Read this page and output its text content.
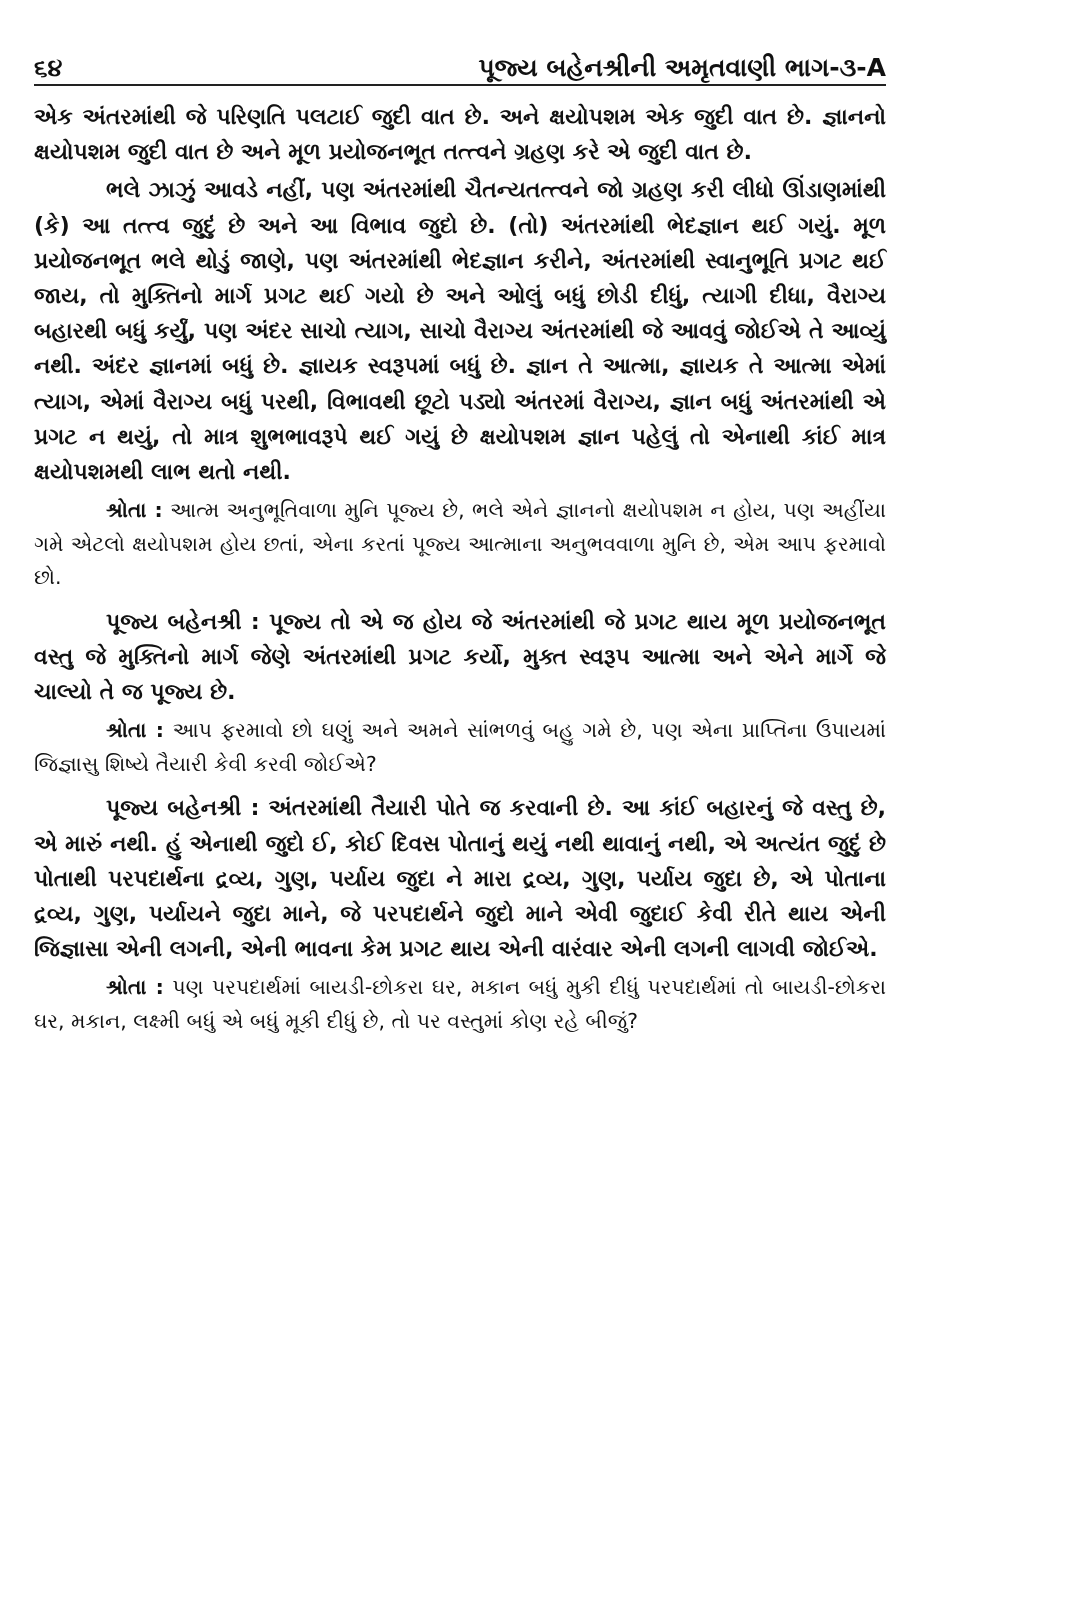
૬૪	પૂજ્ય બહેનશ્રીની અમૃતવાણી ભાગ-૩-A

એક અંતરમાંથી જે પરિણતિ પલટાઈ જુદી વાત છે. અને ક્ષયોપશમ એક જુદી વાત છે. જ્ઞાનનો ક્ષયોપશમ જુદી વાત છે અને મૂળ પ્રયોજનભૂત તત્ત્વને ગ્રહણ કરે એ જુદી વાત છે.

ભલે ઝાઝું આવડે નહીં, પણ અંતરમાંથી ચૈતન્યતત્ત્વને જો ગ્રહણ કરી લીધો ઊંડાણમાંથી (કે) આ તત્ત્વ જુદું છે અને આ વિભાવ જુદો છે. (તો) અંતરમાંથી ભેદજ્ઞાન થઈ ગયું. મૂળ પ્રયોજનભૂત ભલે થોડું જાણે, પણ અંતરમાંથી ભેદજ્ઞાન કરીને, અંતરમાંથી સ્વાનુભૂતિ પ્રગટ થઈ જાય, તો મુક્તિનો માર્ગ પ્રગટ થઈ ગયો છે અને ઓલું બધું છોડી દીધું, ત્યાગી દીધા, વૈરાગ્ય બહારથી બધું કર્યું, પણ અંદર સાચો ત્યાગ, સાચો વૈરાગ્ય અંતરમાંથી જે આવવું જોઈએ તે આવ્યું નથી. અંદર જ્ઞાનમાં બધું છે. જ્ઞાયક સ્વરૂપમાં બધું છે. જ્ઞાન તે આત્મા, જ્ઞાયક તે આત્મા એમાં ત્યાગ, એમાં વૈરાગ્ય બધું પરથી, વિભાવથી છૂટો પડ્યો અંતરમાં વૈરાગ્ય, જ્ઞાન બધું અંતરમાંથી એ પ્રગટ ન થયું, તો માત્ર શુભભાવરૂપે થઈ ગયું છે ક્ષયોપશમ જ્ઞાન પહેલું તો એનાથી કાંઈ માત્ર ક્ષયોપશમથી લાભ થતો નથી.

શ્રોતા : આત્મ અનુભૂતિવાળા મુનિ પૂજ્ય છે, ભલે એને જ્ઞાનનો ક્ષયોપશમ ન હોય, પણ અહીંયા ગમે એટલો ક્ષયોપશમ હોય છતાં, એના કરતાં પૂજ્ય આત્માના અનુભવવાળા મુનિ છે, એમ આપ ફરમાવો છો.

પૂજ્ય બહેનશ્રી : પૂજ્ય તો એ જ હોય જે અંતરમાંથી જે પ્રગટ થાય મૂળ પ્રયોજનભૂત વસ્તુ જે મુક્તિનો માર્ગ જેણે અંતરમાંથી પ્રગટ કર્યો, મુક્ત સ્વરૂપ આત્મા અને એને માર્ગે જે ચાલ્યો તે જ પૂજ્ય છે.

શ્રોતા : આપ ફરમાવો છો ઘણું અને અમને સાંભળવું બહુ ગમે છે, પણ એના પ્રાપ્તિના ઉપાયમાં જિજ્ઞાસુ શિષ્યે તૈયારી કેવી કરવી જોઈએ?

પૂજ્ય બહેનશ્રી : અંતરમાંથી તૈયારી પોતે જ કરવાની છે. આ કાંઈ બહારનું જે વસ્તુ છે, એ મારું નથી. હું એનાથી જુદો ઈ, કોઈ દિવસ પોતાનું થયું નથી થાવાનું નથી, એ અત્યંત જુદું છે પોતાથી પરપદાર્થના દ્રવ્ય, ગુણ, પર્યાય જુદા ને મારા દ્રવ્ય, ગુણ, પર્યાય જુદા છે, એ પોતાના દ્રવ્ય, ગુણ, પર્યાયને જુદા માને, જે પરપદાર્થને જુદો માને એવી જુદાઈ કેવી રીતે થાય એની જિજ્ઞાસા એની લગની, એની ભાવના કેમ પ્રગટ થાય એની વારંવાર એની લગની લાગવી જોઈએ.

શ્રોતા : પણ પરપદાર્થમાં બાયડી-છોકરા ઘર, મકાન બધું મુકી દીધું પરપદાર્થમાં તો બાયડી-છોકરા ઘર, મકાન, લક્ષ્મી બધું એ બધું મૂકી દીધું છે, તો પર વસ્તુમાં કોણ રહે બીજું?
